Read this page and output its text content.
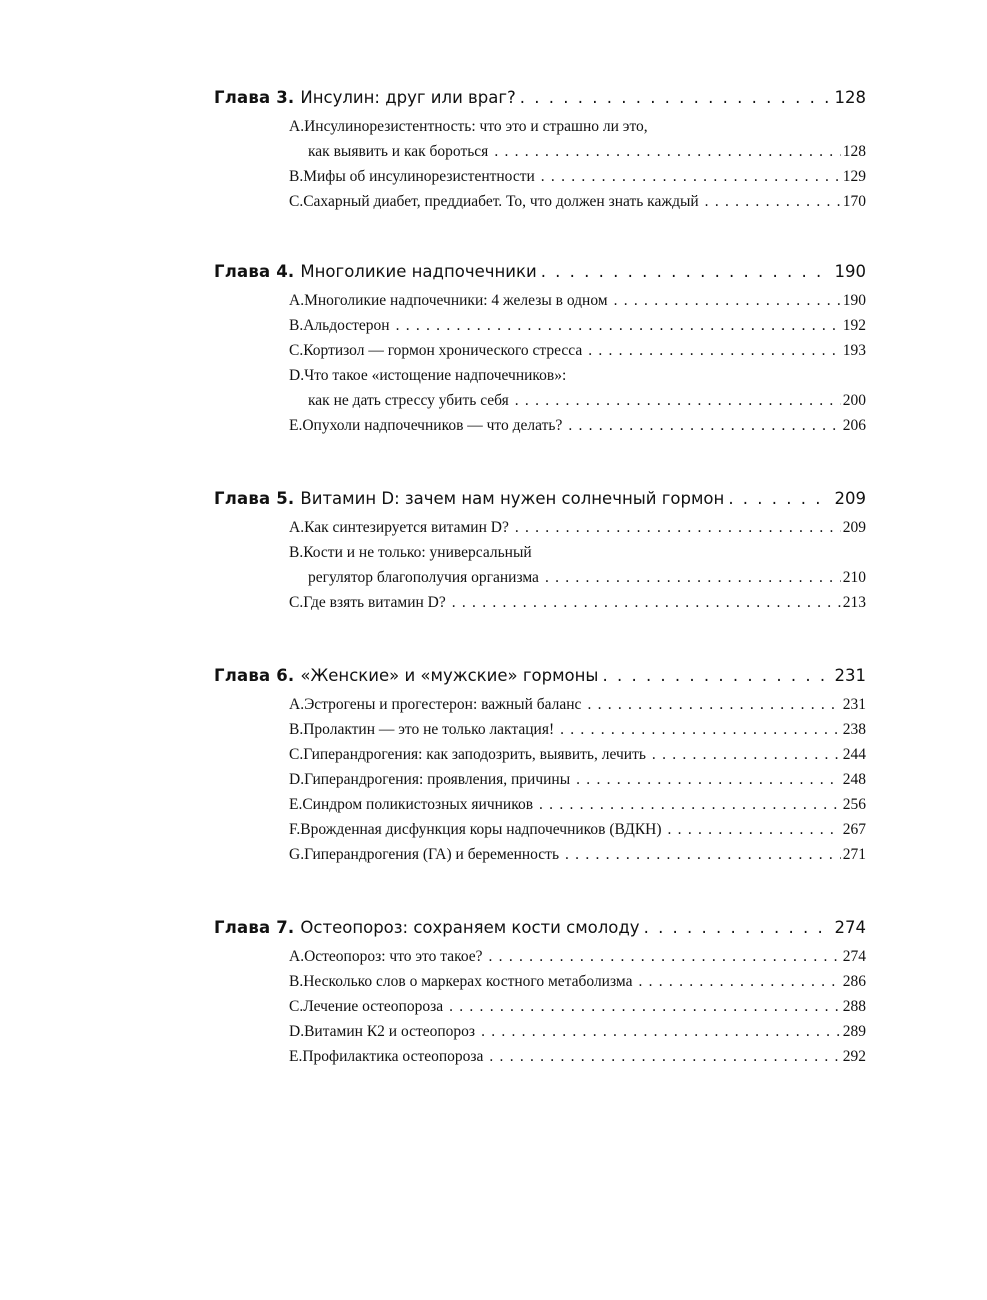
Глава 3. Инсулин: друг или враг? . . .	128
A. Инсулинорезистентность: что это и страшно ли это,
как выявить и как бороться . . .	128
B. Мифы об инсулинорезистентности . . .	129
C. Сахарный диабет, преддиабет. То, что должен знать каждый . . .	170
Глава 4. Многоликие надпочечники . . .	190
A. Многоликие надпочечники: 4 железы в одном . . .	190
B. Альдостерон . . .	192
C. Кортизол — гормон хронического стресса . . .	193
D. Что такое «истощение надпочечников»:
как не дать стрессу убить себя . . .	200
E. Опухоли надпочечников — что делать? . . .	206
Глава 5. Витамин D: зачем нам нужен солнечный гормон . . .	209
A. Как синтезируется витамин D? . . .	209
B. Кости и не только: универсальный
регулятор благополучия организма . . .	210
C. Где взять витамин D? . . .	213
Глава 6. «Женские» и «мужские» гормоны . . .	231
A. Эстрогены и прогестерон: важный баланс . . .	231
B. Пролактин — это не только лактация! . . .	238
C. Гиперандрогения: как заподозрить, выявить, лечить . . .	244
D. Гиперандрогения: проявления, причины . . .	248
E. Синдром поликистозных яичников . . .	256
F. Врожденная дисфункция коры надпочечников (ВДКН) . . .	267
G. Гиперандрогения (ГА) и беременность . . .	271
Глава 7. Остеопороз: сохраняем кости смолоду . . .	274
A. Остеопороз: что это такое? . . .	274
B. Несколько слов о маркерах костного метаболизма . . .	286
C. Лечение остеопороза . . .	288
D. Витамин К2 и остеопороз . . .	289
E. Профилактика остеопороза . . .	292
